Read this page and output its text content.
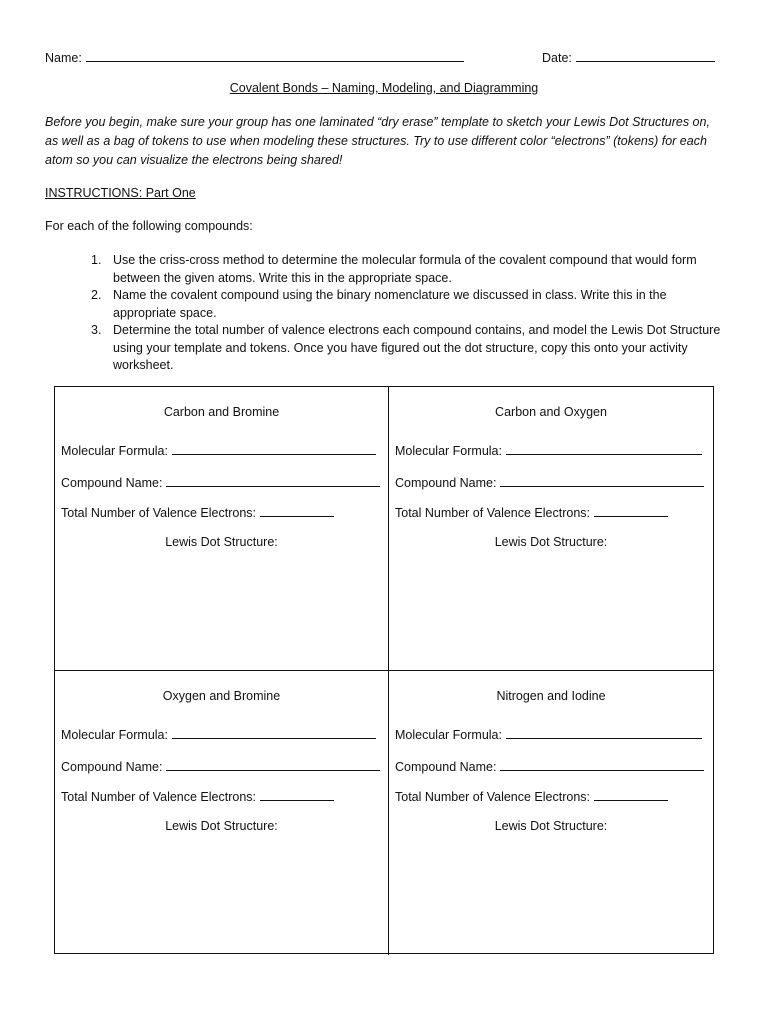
Name:	Date:
Covalent Bonds – Naming, Modeling, and Diagramming

Before you begin, make sure your group has one laminated “dry erase” template to sketch your Lewis Dot Structures on, as well as a bag of tokens to use when modeling these structures. Try to use different color “electrons” (tokens) for each atom so you can visualize the electrons being shared!

INSTRUCTIONS: Part One
For each of the following compounds:
1. Use the criss-cross method to determine the molecular formula of the covalent compound that would form between the given atoms. Write this in the appropriate space.
2. Name the covalent compound using the binary nomenclature we discussed in class. Write this in the appropriate space.
3. Determine the total number of valence electrons each compound contains, and model the Lewis Dot Structure using your template and tokens. Once you have figured out the dot structure, copy this onto your activity worksheet.
Carbon and Bromine
Molecular Formula:
Compound Name:
Total Number of Valence Electrons:
Lewis Dot Structure:
Carbon and Oxygen
Molecular Formula:
Compound Name:
Total Number of Valence Electrons:
Lewis Dot Structure:
Oxygen and Bromine
Molecular Formula:
Compound Name:
Total Number of Valence Electrons:
Lewis Dot Structure:
Nitrogen and Iodine
Molecular Formula:
Compound Name:
Total Number of Valence Electrons:
Lewis Dot Structure:
